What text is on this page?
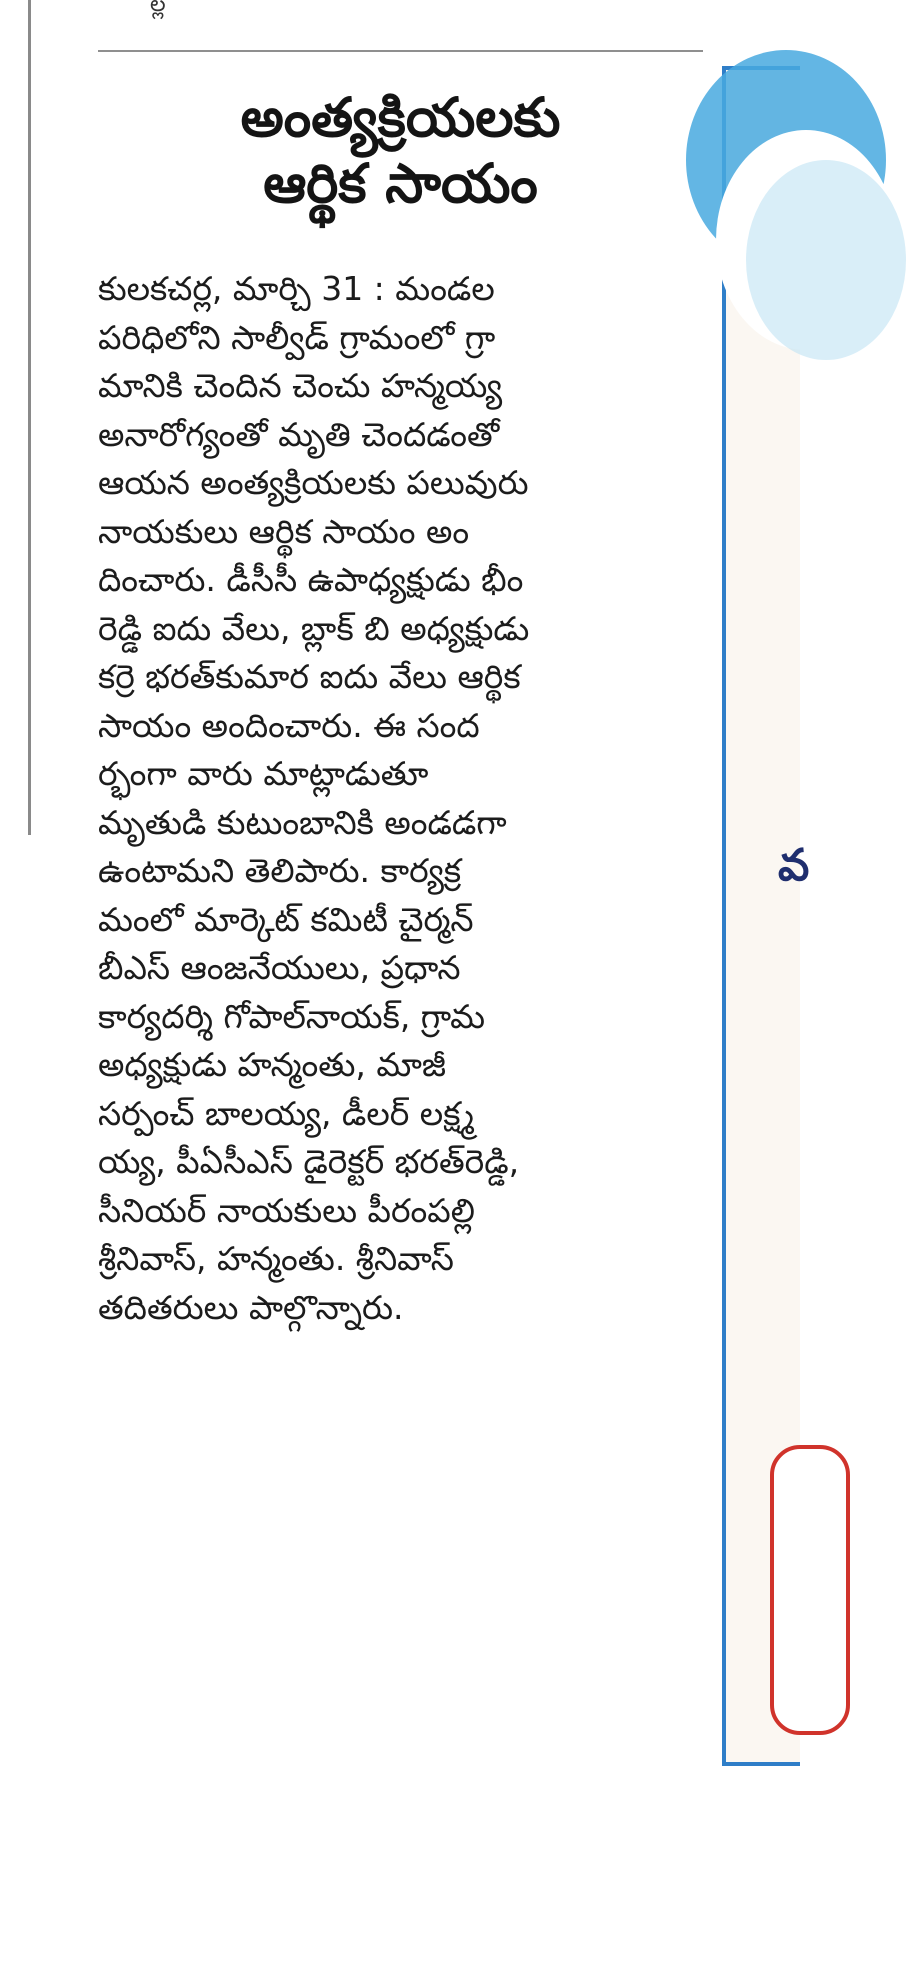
ల్ల
అంత్యక్రియలకు
ఆర్థిక సాయం
కులకచర్ల, మార్చి 31 : మండల
పరిధిలోని సాల్వీడ్ గ్రామంలో గ్రా
మానికి చెందిన చెంచు హన్మయ్య
అనారోగ్యంతో మృతి చెందడంతో
ఆయన అంత్యక్రియలకు పలువురు
నాయకులు ఆర్థిక సాయం అం
దించారు. డీసీసీ ఉపాధ్యక్షుడు భీం
రెడ్డి ఐదు వేలు, బ్లాక్ బి అధ్యక్షుడు
కర్రె భరత్‌కుమార ఐదు వేలు ఆర్థిక
సాయం అందించారు. ఈ సంద
ర్భంగా వారు మాట్లాడుతూ
మృతుడి కుటుంబానికి అండడగా
ఉంటామని తెలిపారు. కార్యక్ర
మంలో మార్కెట్ కమిటీ చైర్మన్
బీఎస్ ఆంజనేయులు, ప్రధాన
కార్యదర్శి గోపాల్‌నాయక్, గ్రామ
అధ్యక్షుడు హన్మంతు, మాజీ
సర్పంచ్ బాలయ్య, డీలర్ లక్ష్మ
య్య, పీఏసీఎస్ డైరెక్టర్ భరత్‌రెడ్డి,
సీనియర్ నాయకులు పీరంపల్లి
శ్రీనివాస్, హన్మంతు. శ్రీనివాస్
తదితరులు పాల్గొన్నారు.
వ
